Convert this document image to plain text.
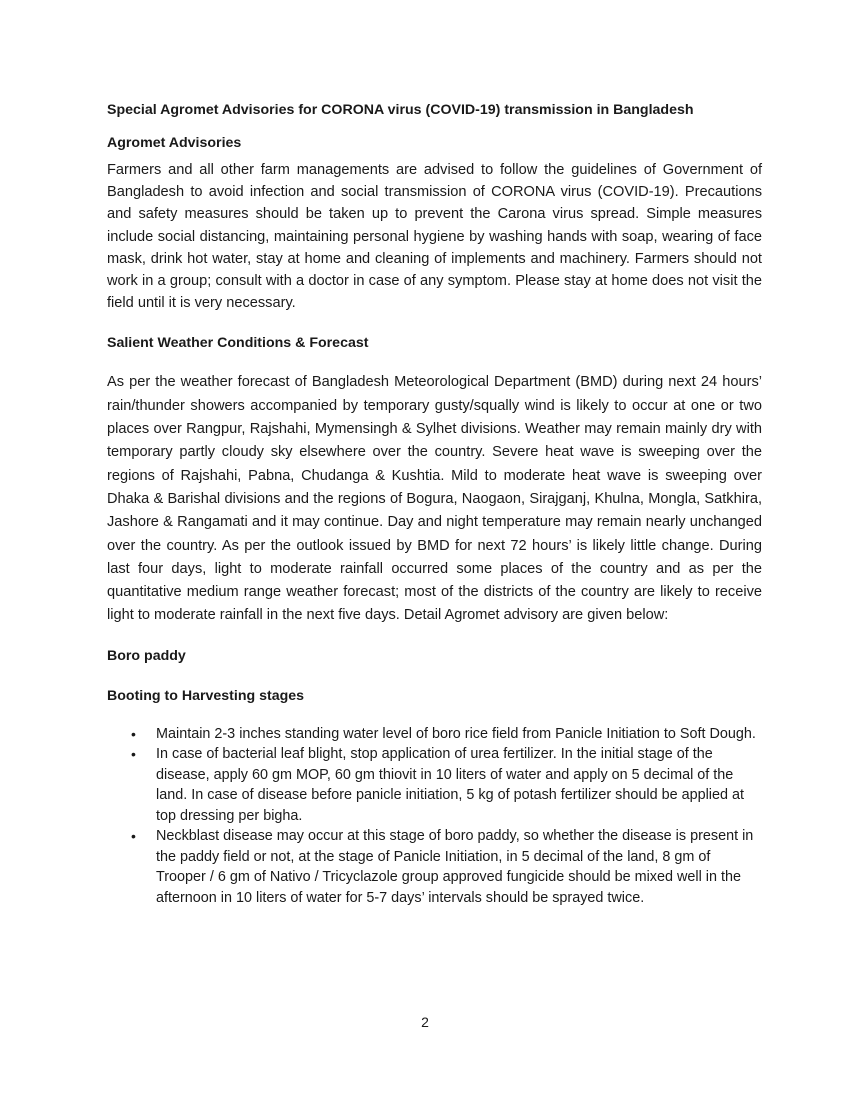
Special Agromet Advisories for CORONA virus (COVID-19) transmission in Bangladesh

Agromet Advisories

Farmers and all other farm managements are advised to follow the guidelines of Government of Bangladesh to avoid infection and social transmission of CORONA virus (COVID-19). Precautions and safety measures should be taken up to prevent the Carona virus spread. Simple measures include social distancing, maintaining personal hygiene by washing hands with soap, wearing of face mask, drink hot water, stay at home and cleaning of implements and machinery. Farmers should not work in a group; consult with a doctor in case of any symptom. Please stay at home does not visit the field until it is very necessary.

Salient Weather Conditions & Forecast

As per the weather forecast of Bangladesh Meteorological Department (BMD) during next 24 hours’ rain/thunder showers accompanied by temporary gusty/squally wind is likely to occur at one or two places over Rangpur, Rajshahi, Mymensingh & Sylhet divisions. Weather may remain mainly dry with temporary partly cloudy sky elsewhere over the country. Severe heat wave is sweeping over the regions of Rajshahi, Pabna, Chudanga & Kushtia. Mild to moderate heat wave is sweeping over Dhaka & Barishal divisions and the regions of Bogura, Naogaon, Sirajganj, Khulna, Mongla, Satkhira, Jashore & Rangamati and it may continue. Day and night temperature may remain nearly unchanged over the country. As per the outlook issued by BMD for next 72 hours’ is likely little change. During last four days, light to moderate rainfall occurred some places of the country and as per the quantitative medium range weather forecast; most of the districts of the country are likely to receive light to moderate rainfall in the next five days. Detail Agromet advisory are given below:

Boro paddy

Booting to Harvesting stages

• Maintain 2-3 inches standing water level of boro rice field from Panicle Initiation to Soft Dough.
• In case of bacterial leaf blight, stop application of urea fertilizer. In the initial stage of the disease, apply 60 gm MOP, 60 gm thiovit in 10 liters of water and apply on 5 decimal of the land. In case of disease before panicle initiation, 5 kg of potash fertilizer should be applied at top dressing per bigha.
• Neckblast disease may occur at this stage of boro paddy, so whether the disease is present in the paddy field or not, at the stage of Panicle Initiation, in 5 decimal of the land, 8 gm of Trooper / 6 gm of Nativo / Tricyclazole group approved fungicide should be mixed well in the afternoon in 10 liters of water for 5-7 days’ intervals should be sprayed twice.
2
